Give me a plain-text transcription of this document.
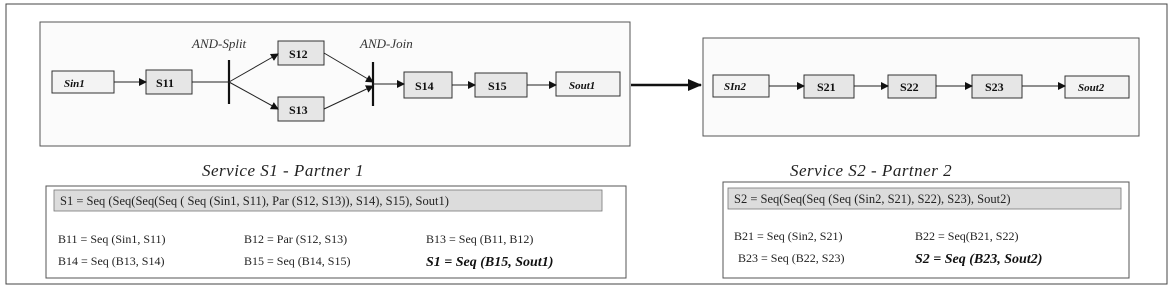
AND-Split	AND-Join
Sin1	S11
S12
S13
S14	S15	Sout1	SIn2	S21	S22	S23	Sout2
Service S1 - Partner 1	Service S2 - Partner 2
S1 = Seq (Seq(Seq(Seq ( Seq (Sin1, S11), Par (S12, S13)), S14), S15), Sout1)
B11 = Seq (Sin1, S11)	B12 = Par (S12, S13)	B13 = Seq (B11, B12)
B14 = Seq (B13, S14)	B15 = Seq (B14, S15)	S1 = Seq (B15, Sout1)
S2 = Seq(Seq(Seq (Seq (Sin2, S21), S22), S23), Sout2)
B21 = Seq (Sin2, S21)	B22 = Seq(B21, S22)
B23 = Seq (B22, S23)	S2 = Seq (B23, Sout2)
